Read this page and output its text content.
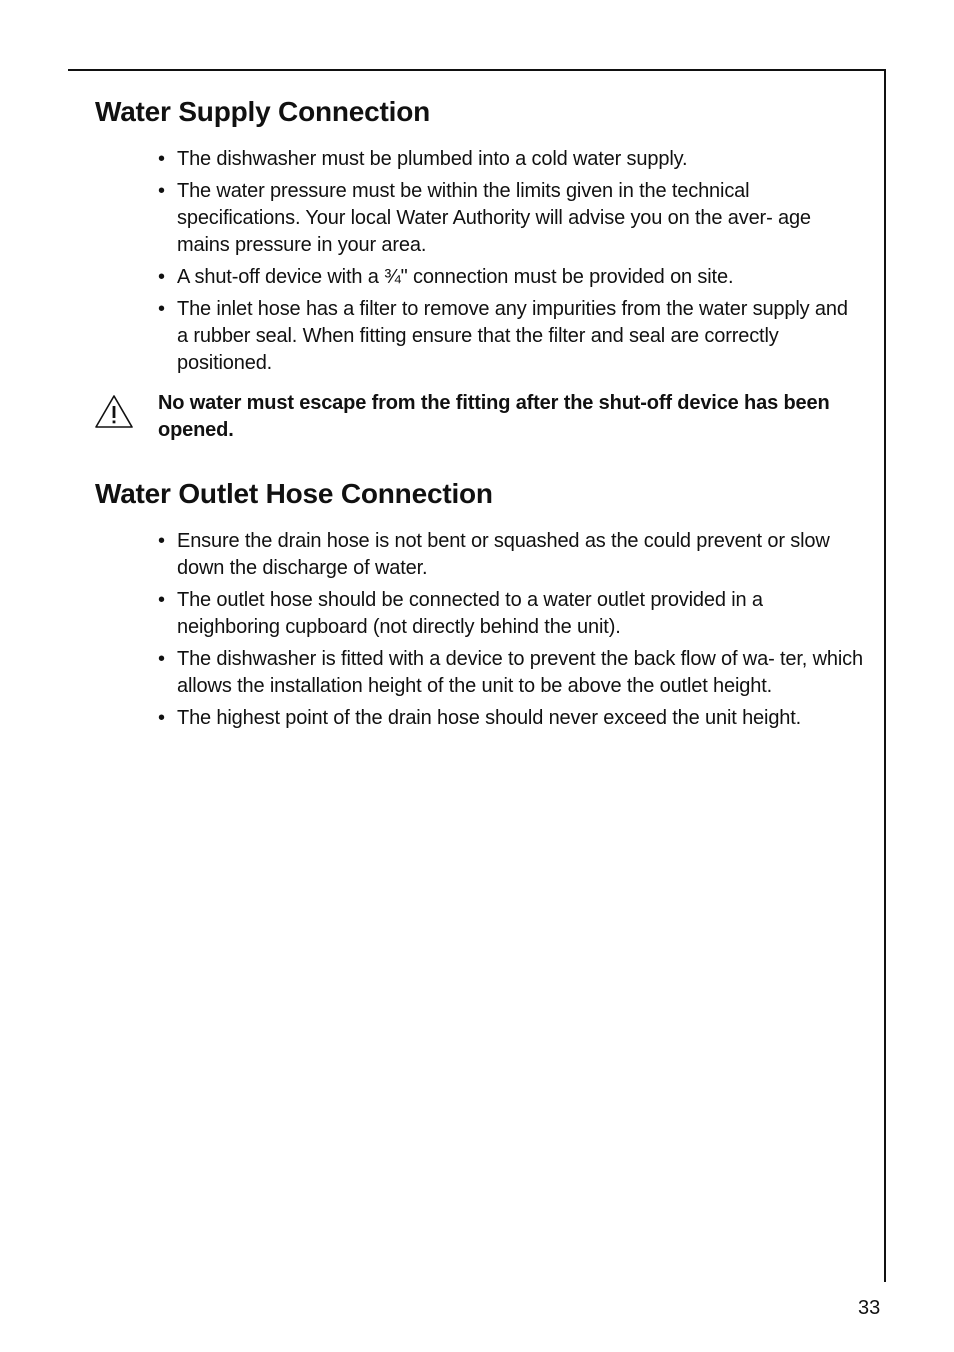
Water Supply Connection
• The dishwasher must be plumbed into a cold water supply.
• The water pressure must be within the limits given in the technical specifications. Your local Water Authority will advise you on the aver- age mains pressure in your area.
• A shut-off device with a ¾" connection must be provided on site.
• The inlet hose has a filter to remove any impurities from the water supply and a rubber seal. When fitting ensure that the filter and seal are correctly positioned.

No water must escape from the fitting after the shut-off device has been opened.

Water Outlet Hose Connection
• Ensure the drain hose is not bent or squashed as the could prevent or slow down the discharge of water.
• The outlet hose should be connected to a water outlet provided in a neighboring cupboard (not directly behind the unit).
• The dishwasher is fitted with a device to prevent the back flow of wa- ter, which allows the installation height of the unit to be above the outlet height.
• The highest point of the drain hose should never exceed the unit height.
33
